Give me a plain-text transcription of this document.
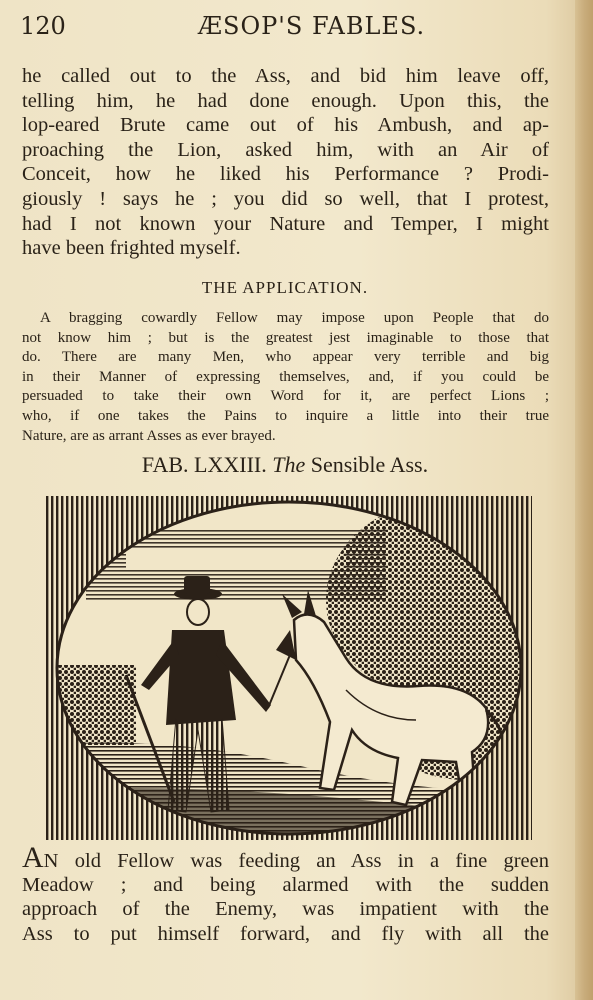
120	ÆSOP'S FABLES.
he called out to the Ass, and bid him leave off,
telling him, he had done enough. Upon this, the
lop-eared Brute came out of his Ambush, and ap-
proaching the Lion, asked him, with an Air of
Conceit, how he liked his Performance ? Prodi-
giously ! says he ; you did so well, that I protest,
had I not known your Nature and Temper, I might
have been frighted myself.
THE APPLICATION.
A bragging cowardly Fellow may impose upon People that do
not know him ; but is the greatest jest imaginable to those that
do. There are many Men, who appear very terrible and big
in their Manner of expressing themselves, and, if you could be
persuaded to take their own Word for it, are perfect Lions ;
who, if one takes the Pains to inquire a little into their true
Nature, are as arrant Asses as ever brayed.
FAB. LXXIII. The Sensible Ass.
AN old Fellow was feeding an Ass in a fine green
Meadow ; and being alarmed with the sudden
approach of the Enemy, was impatient with the
Ass to put himself forward, and fly with all the
